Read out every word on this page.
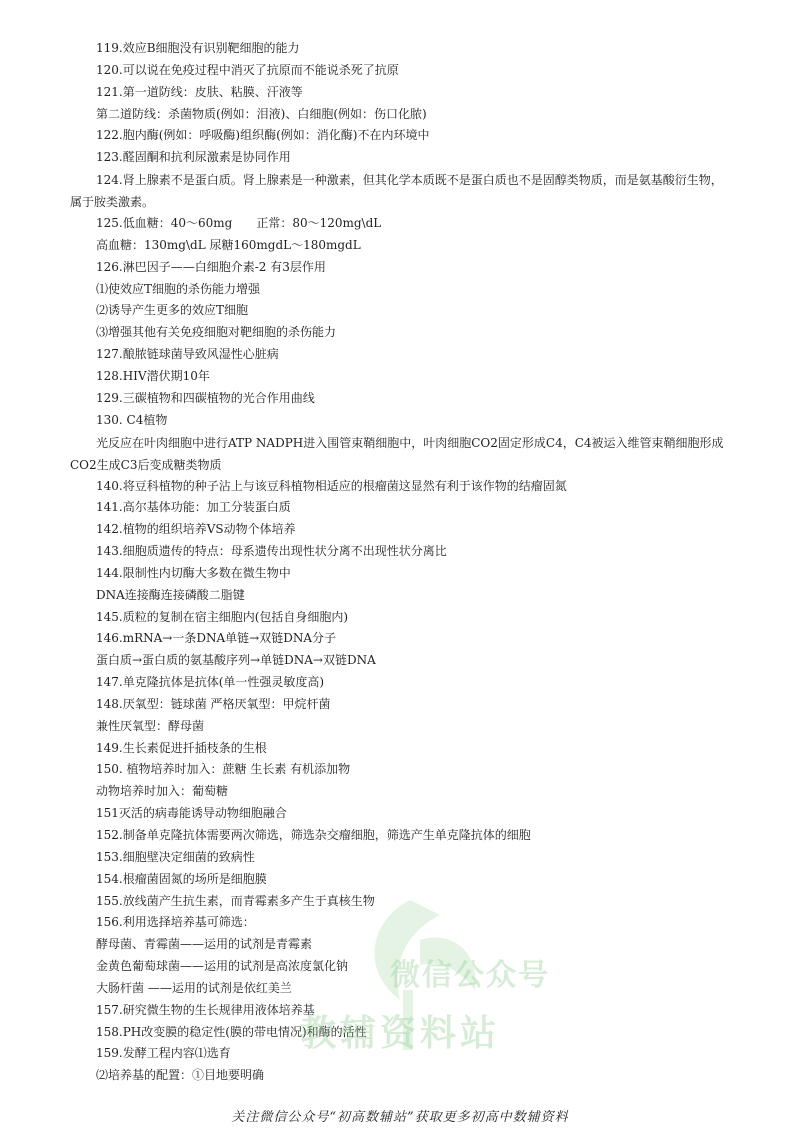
119.效应B细胞没有识别靶细胞的能力
120.可以说在免疫过程中消灭了抗原而不能说杀死了抗原
121.第一道防线：皮肤、粘膜、汗液等
第二道防线：杀菌物质(例如：泪液)、白细胞(例如：伤口化脓)
122.胞内酶(例如：呼吸酶)组织酶(例如：消化酶)不在内环境中
123.醛固酮和抗利尿激素是协同作用
124.肾上腺素不是蛋白质。肾上腺素是一种激素，但其化学本质既不是蛋白质也不是固醇类物质，而是氨基酸衍生物，属于胺类激素。
125.低血糖：40～60mg　　正常：80～120mg\dL
高血糖：130mg\dL 尿糖160mgdL～180mgdL
126.淋巴因子——白细胞介素-2 有3层作用
⑴使效应T细胞的杀伤能力增强
⑵诱导产生更多的效应T细胞
⑶增强其他有关免疫细胞对靶细胞的杀伤能力
127.酿脓链球菌导致风湿性心脏病
128.HIV潜伏期10年
129.三碳植物和四碳植物的光合作用曲线
130. C4植物
光反应在叶肉细胞中进行ATP NADPH进入围管束鞘细胞中，叶肉细胞CO2固定形成C4，C4被运入维管束鞘细胞形成CO2生成C3后变成糖类物质
140.将豆科植物的种子沾上与该豆科植物相适应的根瘤菌这显然有利于该作物的结瘤固氮
141.高尔基体功能：加工分装蛋白质
142.植物的组织培养VS动物个体培养
143.细胞质遗传的特点：母系遗传出现性状分离不出现性状分离比
144.限制性内切酶大多数在微生物中
DNA连接酶连接磷酸二脂键
145.质粒的复制在宿主细胞内(包括自身细胞内)
146.mRNA→一条DNA单链→双链DNA分子
蛋白质→蛋白质的氨基酸序列→单链DNA→双链DNA
147.单克隆抗体是抗体(单一性强灵敏度高)
148.厌氧型：链球菌 严格厌氧型：甲烷杆菌
兼性厌氧型：酵母菌
149.生长素促进扦插枝条的生根
150. 植物培养时加入：蔗糖 生长素 有机添加物
动物培养时加入：葡萄糖
151灭活的病毒能诱导动物细胞融合
152.制备单克隆抗体需要两次筛选，筛选杂交瘤细胞，筛选产生单克隆抗体的细胞
153.细胞壁决定细菌的致病性
154.根瘤菌固氮的场所是细胞膜
155.放线菌产生抗生素，而青霉素多产生于真核生物
156.利用选择培养基可筛选：
酵母菌、青霉菌——运用的试剂是青霉素
金黄色葡萄球菌——运用的试剂是高浓度氯化钠
大肠杆菌 ——运用的试剂是依红美兰
157.研究微生物的生长规律用液体培养基
158.PH改变膜的稳定性(膜的带电情况)和酶的活性
159.发酵工程内容⑴选育
⑵培养基的配置：①目地要明确
微信公众号
教辅资料站
关注微信公众号“初高数辅站”获取更多初高中数辅资料
